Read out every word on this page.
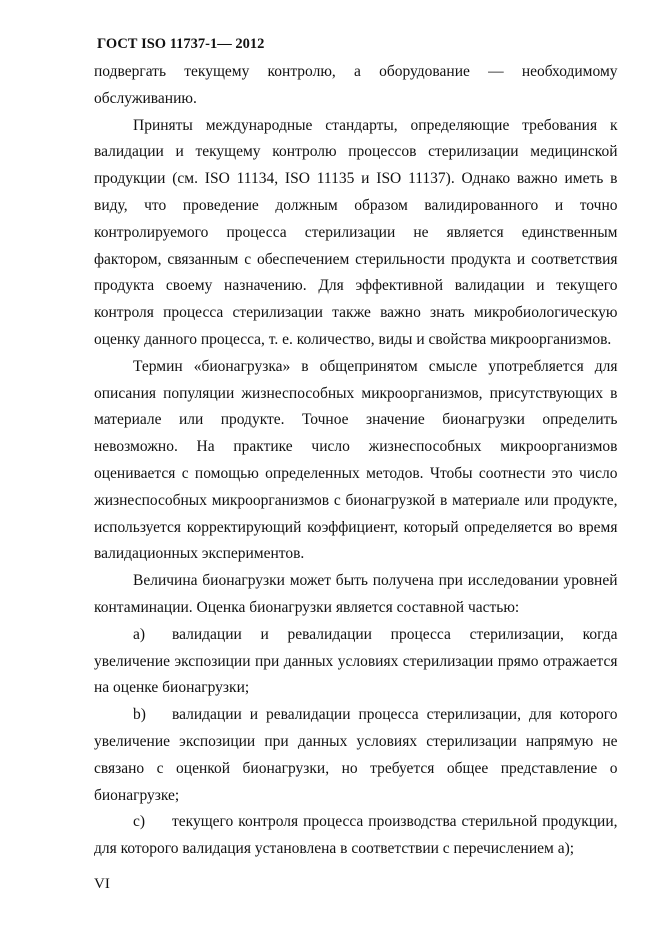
ГОСТ ISO 11737-1— 2012
подвергать текущему контролю, а оборудование — необходимому
обслуживанию.
Приняты международные стандарты, определяющие требования к
валидации и текущему контролю процессов стерилизации медицинской
продукции (см. ISO 11134, ISO 11135 и ISO 11137). Однако важно иметь в
виду, что проведение должным образом валидированного и точно
контролируемого процесса стерилизации не является единственным
фактором, связанным с обеспечением стерильности продукта и соответствия
продукта своему назначению. Для эффективной валидации и текущего
контроля процесса стерилизации также важно знать микробиологическую
оценку данного процесса, т. е. количество, виды и свойства микроорганизмов.
Термин «бионагрузка» в общепринятом смысле употребляется для
описания популяции жизнеспособных микроорганизмов, присутствующих в
материале или продукте. Точное значение бионагрузки определить
невозможно. На практике число жизнеспособных микроорганизмов
оценивается с помощью определенных методов. Чтобы соотнести это число
жизнеспособных микроорганизмов с бионагрузкой в материале или продукте,
используется корректирующий коэффициент, который определяется во время
валидационных экспериментов.
Величина бионагрузки может быть получена при исследовании уровней
контаминации. Оценка бионагрузки является составной частью:
a)	валидации и ревалидации процесса стерилизации, когда
увеличение экспозиции при данных условиях стерилизации прямо отражается
на оценке бионагрузки;
b)	валидации и ревалидации процесса стерилизации, для которого
увеличение экспозиции при данных условиях стерилизации напрямую не
связано с оценкой бионагрузки, но требуется общее представление о
бионагрузке;
c)	текущего контроля процесса производства стерильной продукции,
для которого валидация установлена в соответствии с перечислением а);
VI
